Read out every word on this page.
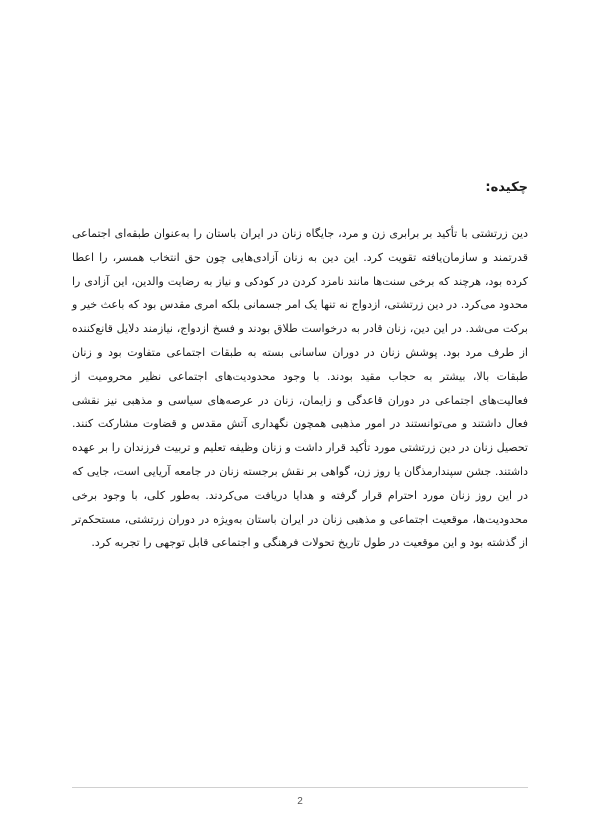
چکیده:

دین زرتشتی با تأکید بر برابری زن و مرد، جایگاه زنان در ایران باستان را به‌عنوان طبقه‌ای اجتماعی قدرتمند و سازمان‌یافته تقویت کرد. این دین به زنان آزادی‌هایی چون حق انتخاب همسر، را اعطا کرده بود، هرچند که برخی سنت‌ها مانند نامزد کردن در کودکی و نیاز به رضایت والدین، این آزادی را محدود می‌کرد. در دین زرتشتی، ازدواج نه تنها یک امر جسمانی بلکه امری مقدس بود که باعث خیر و برکت می‌شد. در این دین، زنان قادر به درخواست طلاق بودند و فسخ ازدواج، نیازمند دلایل قانع‌کننده از طرف مرد بود. پوشش زنان در دوران ساسانی بسته به طبقات اجتماعی متفاوت بود و زنان طبقات بالا، بیشتر به حجاب مقید بودند. با وجود محدودیت‌های اجتماعی نظیر محرومیت از فعالیت‌های اجتماعی در دوران قاعدگی و زایمان، زنان در عرصه‌های سیاسی و مذهبی نیز نقشی فعال داشتند و می‌توانستند در امور مذهبی همچون نگهداری آتش مقدس و قضاوت مشارکت کنند. تحصیل زنان در دین زرتشتی مورد تأکید قرار داشت و زنان وظیفه تعلیم و تربیت فرزندان را بر عهده داشتند. جشن سپندارمذگان یا روز زن، گواهی بر نقش برجسته زنان در جامعه آریایی است، جایی که در این روز زنان مورد احترام قرار گرفته و هدایا دریافت می‌کردند. به‌طور کلی، با وجود برخی محدودیت‌ها، موقعیت اجتماعی و مذهبی زنان در ایران باستان به‌ویژه در دوران زرتشتی، مستحکم‌تر از گذشته بود و این موقعیت در طول تاریخ تحولات فرهنگی و اجتماعی قابل توجهی را تجربه کرد.

2
